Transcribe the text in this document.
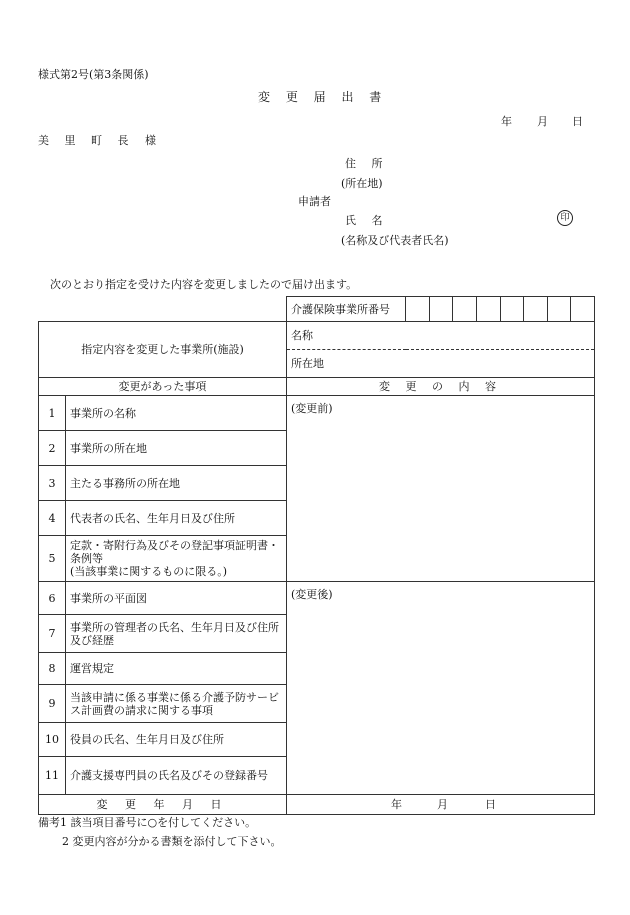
様式第2号(第3条関係)
変 更 届 出 書
年 月 日
美 里 町 長 様
住 所
(所在地)
申請者
氏 名	印
(名称及び代表者氏名)
次のとおり指定を受けた内容を変更しましたので届け出ます。
		介護保険事業所番号	

指定内容を変更した事業所(施設)		名称	
		所在地	
変更があった事項		変 更 の 内 容	
1	事業所の名称	(変更前)	
2	事業所の所在地		
3	主たる事務所の所在地		
4	代表者の氏名、生年月日及び住所		
5	定款・寄附行為及びその登記事項証明書・条例等
(当該事業に関するものに限る。)		
6	事業所の平面図	(変更後)	
7	事業所の管理者の氏名、生年月日及び住所及び経歴		
8	運営規定		
9	当該申請に係る事業に係る介護予防サービス計画費の請求に関する事項		
10	役員の氏名、生年月日及び住所		
11	介護支援専門員の氏名及びその登録番号		
変 更 年 月 日		年 月 日	
備考1 該当項目番号に○を付してください。
2 変更内容が分かる書類を添付して下さい。
